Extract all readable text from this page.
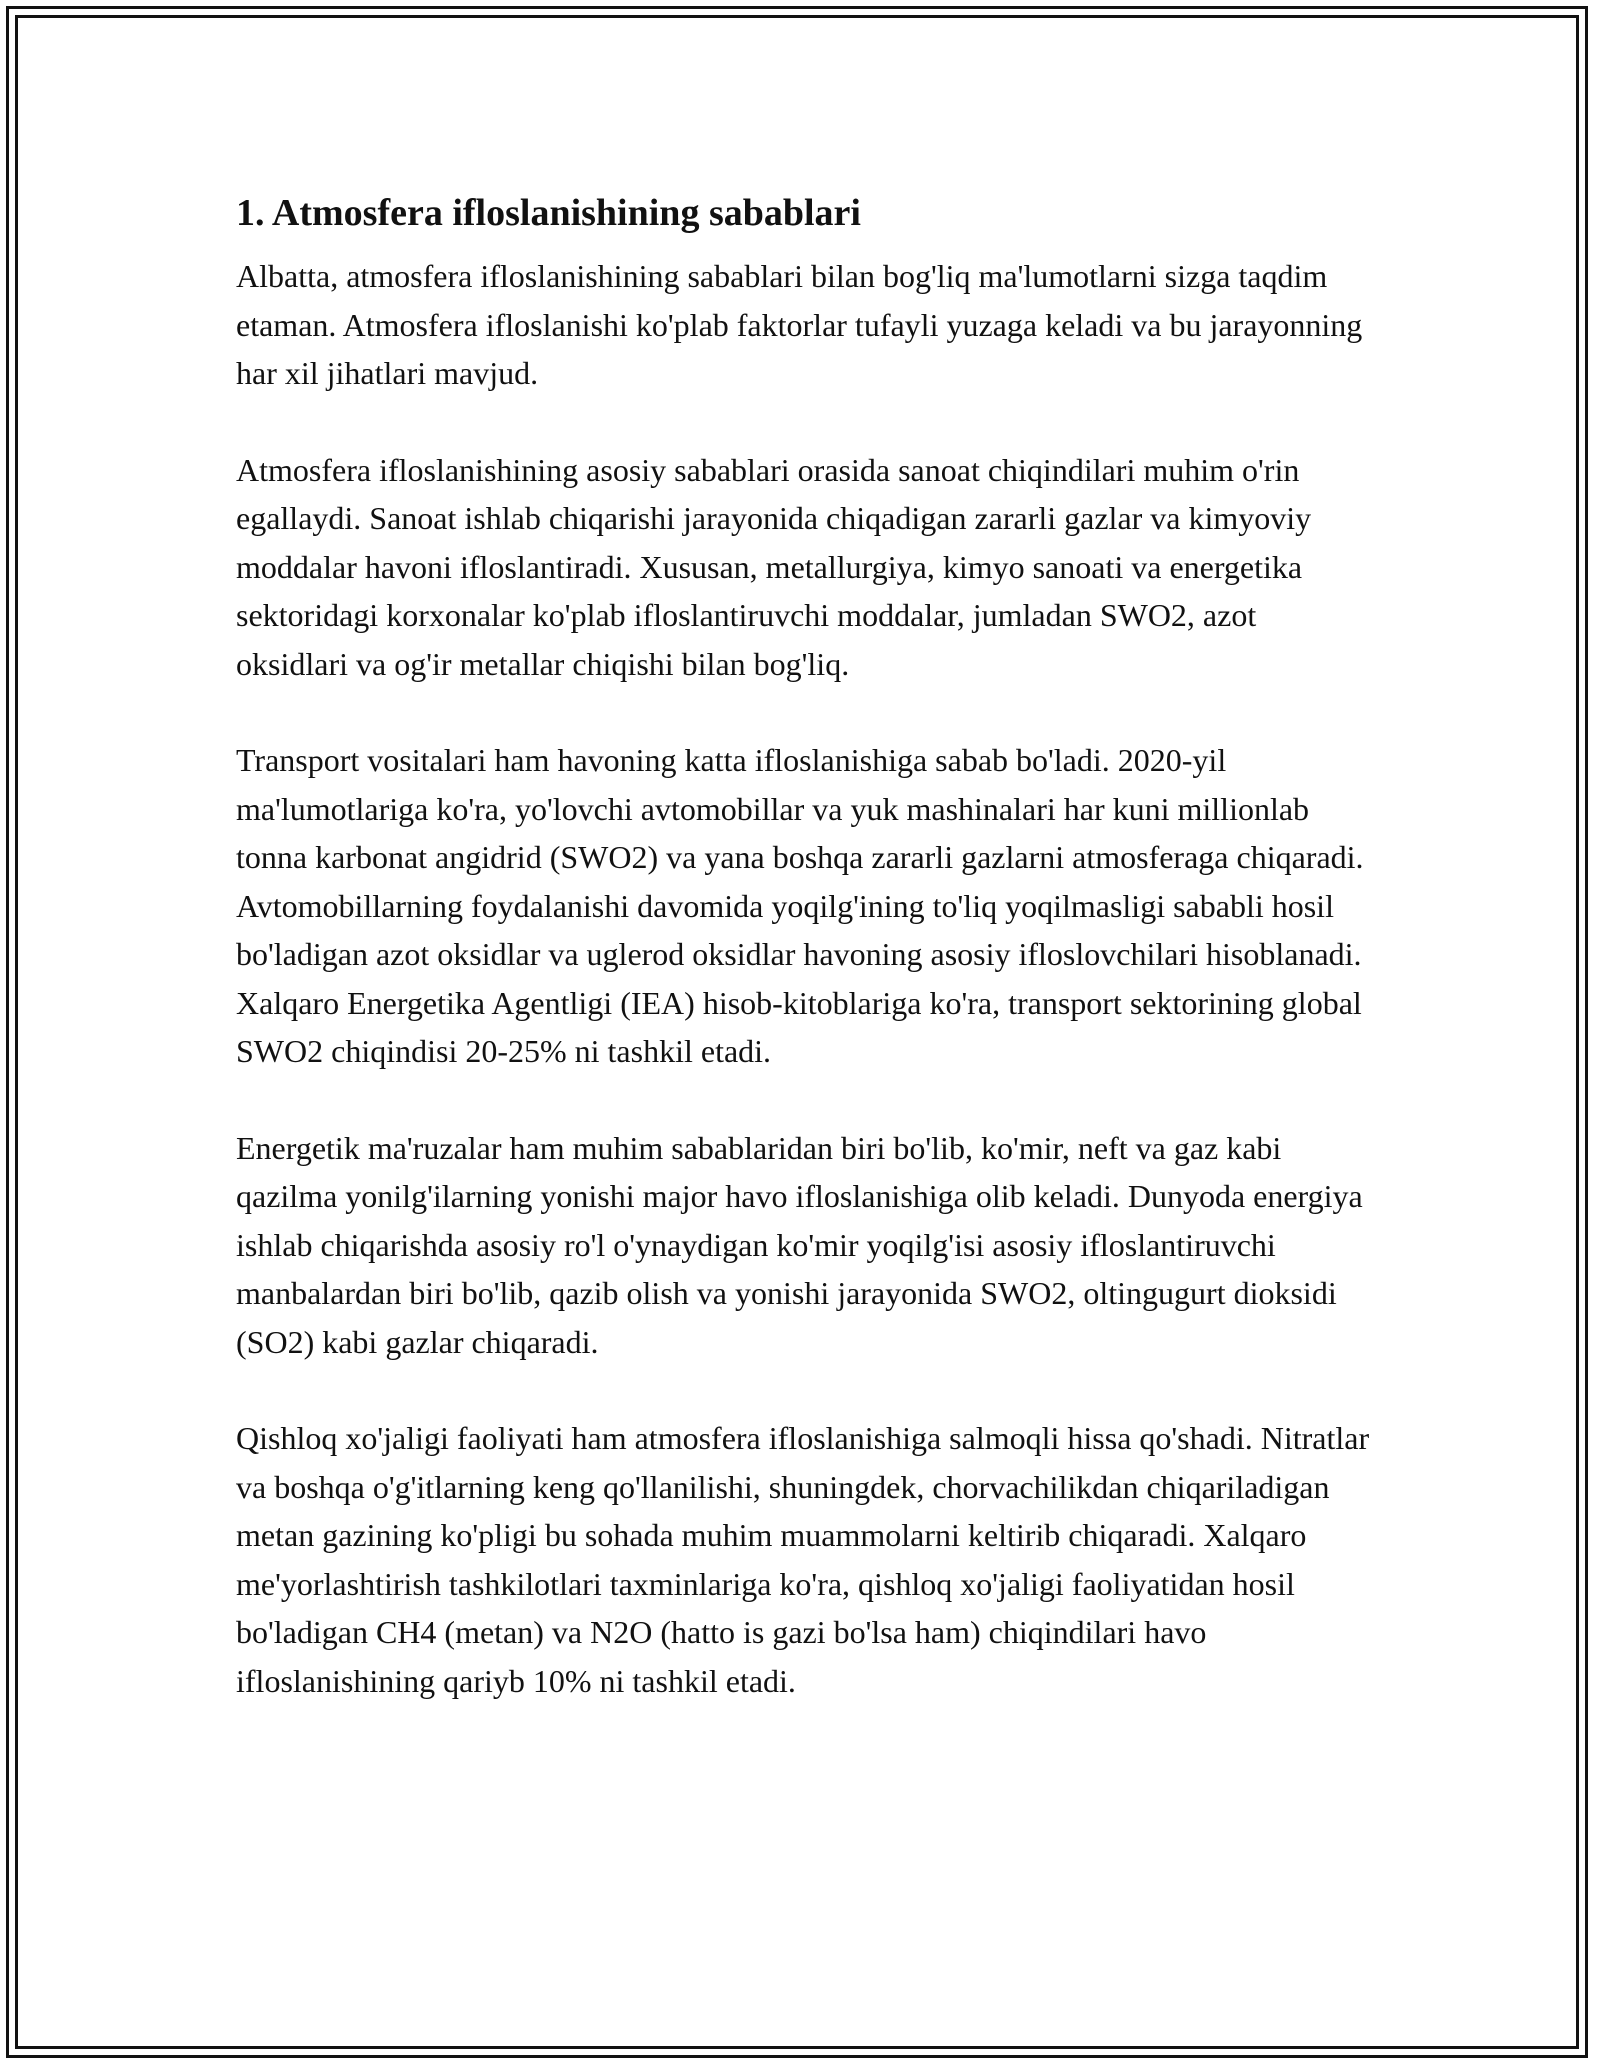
1. Atmosfera ifloslanishining sabablari

Albatta, atmosfera ifloslanishining sabablari bilan bog'liq ma'lumotlarni sizga taqdim etaman. Atmosfera ifloslanishi ko'plab faktorlar tufayli yuzaga keladi va bu jarayonning har xil jihatlari mavjud.

Atmosfera ifloslanishining asosiy sabablari orasida sanoat chiqindilari muhim o'rin egallaydi. Sanoat ishlab chiqarishi jarayonida chiqadigan zararli gazlar va kimyoviy moddalar havoni ifloslantiradi. Xususan, metallurgiya, kimyo sanoati va energetika sektoridagi korxonalar ko'plab ifloslantiruvchi moddalar, jumladan SWO2, azot oksidlari va og'ir metallar chiqishi bilan bog'liq.

Transport vositalari ham havoning katta ifloslanishiga sabab bo'ladi. 2020-yil ma'lumotlariga ko'ra, yo'lovchi avtomobillar va yuk mashinalari har kuni millionlab tonna karbonat angidrid (SWO2) va yana boshqa zararli gazlarni atmosferaga chiqaradi. Avtomobillarning foydalanishi davomida yoqilg'ining to'liq yoqilmasligi sababli hosil bo'ladigan azot oksidlar va uglerod oksidlar havoning asosiy ifloslovchilari hisoblanadi. Xalqaro Energetika Agentligi (IEA) hisob-kitoblariga ko'ra, transport sektorining global SWO2 chiqindisi 20-25% ni tashkil etadi.

Energetik ma'ruzalar ham muhim sabablaridan biri bo'lib, ko'mir, neft va gaz kabi qazilma yonilg'ilarning yonishi major havo ifloslanishiga olib keladi. Dunyoda energiya ishlab chiqarishda asosiy ro'l o'ynaydigan ko'mir yoqilg'isi asosiy ifloslantiruvchi manbalardan biri bo'lib, qazib olish va yonishi jarayonida SWO2, oltingugurt dioksidi (SO2) kabi gazlar chiqaradi.

Qishloq xo'jaligi faoliyati ham atmosfera ifloslanishiga salmoqli hissa qo'shadi. Nitratlar va boshqa o'g'itlarning keng qo'llanilishi, shuningdek, chorvachilikdan chiqariladigan metan gazining ko'pligi bu sohada muhim muammolarni keltirib chiqaradi. Xalqaro me'yorlashtirish tashkilotlari taxminlariga ko'ra, qishloq xo'jaligi faoliyatidan hosil bo'ladigan CH4 (metan) va N2O (hatto is gazi bo'lsa ham) chiqindilari havo ifloslanishining qariyb 10% ni tashkil etadi.
